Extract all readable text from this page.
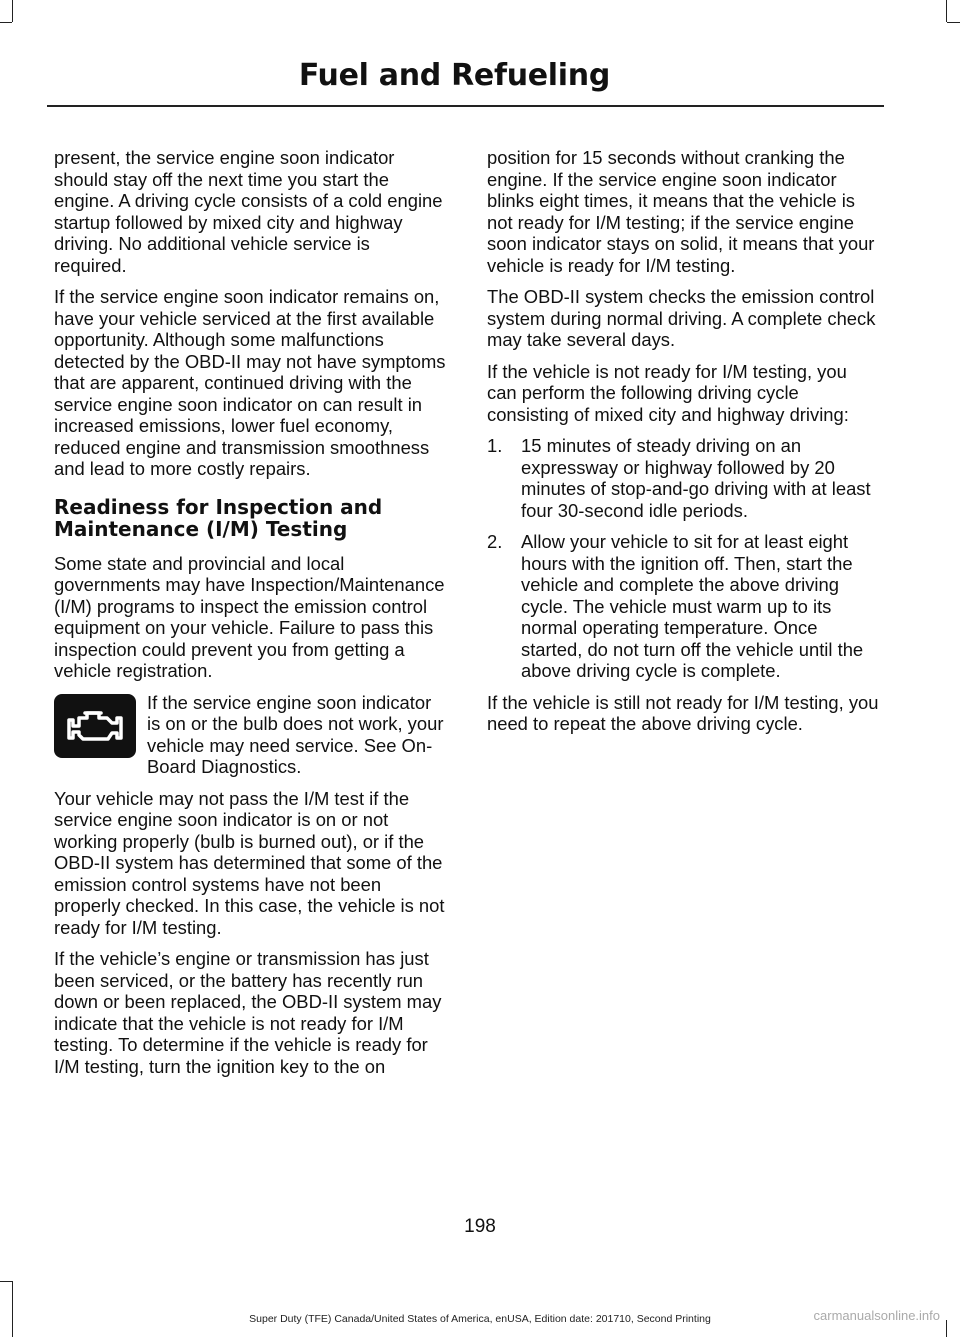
Fuel and Refueling

present, the service engine soon indicator should stay off the next time you start the engine. A driving cycle consists of a cold engine startup followed by mixed city and highway driving. No additional vehicle service is required.

If the service engine soon indicator remains on, have your vehicle serviced at the first available opportunity. Although some malfunctions detected by the OBD-II may not have symptoms that are apparent, continued driving with the service engine soon indicator on can result in increased emissions, lower fuel economy, reduced engine and transmission smoothness and lead to more costly repairs.

Readiness for Inspection and Maintenance (I/M) Testing

Some state and provincial and local governments may have Inspection/Maintenance (I/M) programs to inspect the emission control equipment on your vehicle. Failure to pass this inspection could prevent you from getting a vehicle registration.

If the service engine soon indicator is on or the bulb does not work, your vehicle may need service. See On-Board Diagnostics.

Your vehicle may not pass the I/M test if the service engine soon indicator is on or not working properly (bulb is burned out), or if the OBD-II system has determined that some of the emission control systems have not been properly checked. In this case, the vehicle is not ready for I/M testing.

If the vehicle’s engine or transmission has just been serviced, or the battery has recently run down or been replaced, the OBD-II system may indicate that the vehicle is not ready for I/M testing. To determine if the vehicle is ready for I/M testing, turn the ignition key to the on

position for 15 seconds without cranking the engine. If the service engine soon indicator blinks eight times, it means that the vehicle is not ready for I/M testing; if the service engine soon indicator stays on solid, it means that your vehicle is ready for I/M testing.

The OBD-II system checks the emission control system during normal driving. A complete check may take several days.

If the vehicle is not ready for I/M testing, you can perform the following driving cycle consisting of mixed city and highway driving:

1. 15 minutes of steady driving on an expressway or highway followed by 20 minutes of stop-and-go driving with at least four 30-second idle periods.
2. Allow your vehicle to sit for at least eight hours with the ignition off. Then, start the vehicle and complete the above driving cycle. The vehicle must warm up to its normal operating temperature. Once started, do not turn off the vehicle until the above driving cycle is complete.

If the vehicle is still not ready for I/M testing, you need to repeat the above driving cycle.

198
Super Duty (TFE) Canada/United States of America, enUSA, Edition date: 201710, Second Printing	carmanualsonline.info
